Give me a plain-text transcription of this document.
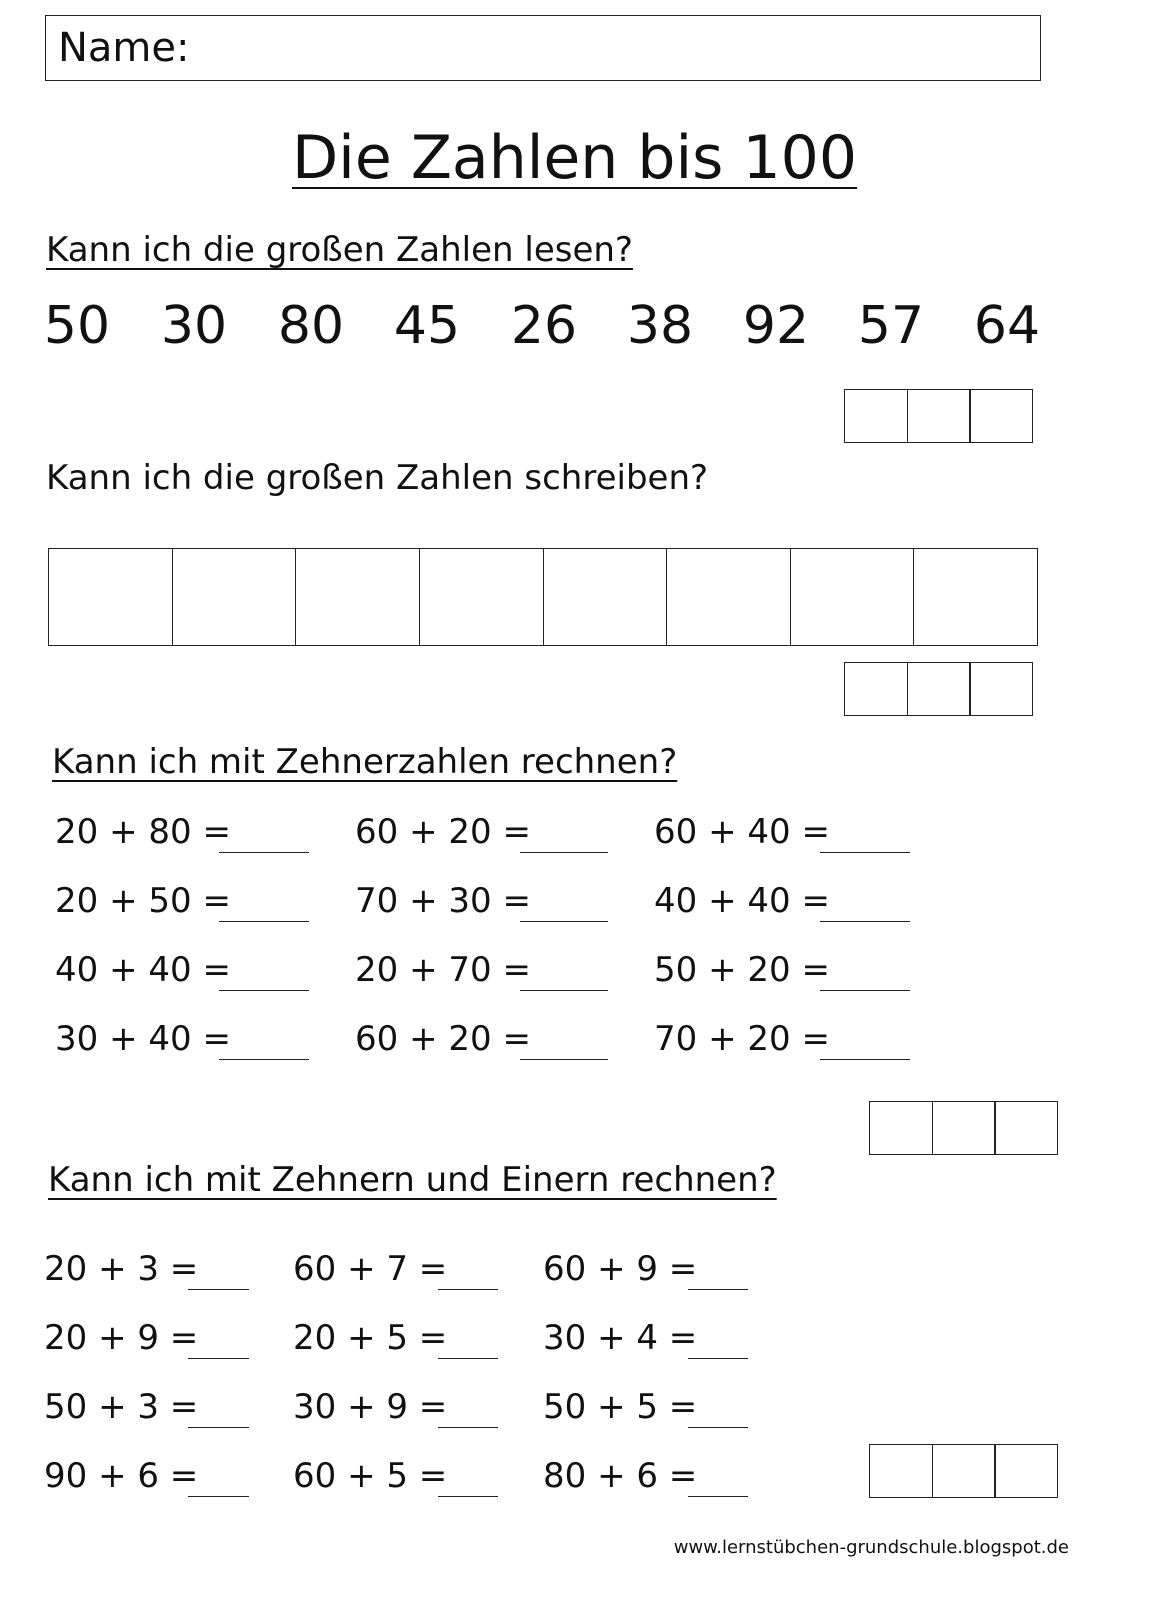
Name:
Die Zahlen bis 100
Kann ich die großen Zahlen lesen?
50 30 80 45 26 38 92 57 64
Kann ich die großen Zahlen schreiben?
Kann ich mit Zehnerzahlen rechnen?
20 + 80 =
20 + 50 =
40 + 40 =
30 + 40 =
60 + 20 =
70 + 30 =
20 + 70 =
60 + 20 =
60 + 40 =
40 + 40 =
50 + 20 =
70 + 20 =
Kann ich mit Zehnern und Einern rechnen?
20 + 3 =
20 + 9 =
50 + 3 =
90 + 6 =
60 + 7 =
20 + 5 =
30 + 9 =
60 + 5 =
60 + 9 =
30 + 4 =
50 + 5 =
80 + 6 =
www.lernstübchen-grundschule.blogspot.de
